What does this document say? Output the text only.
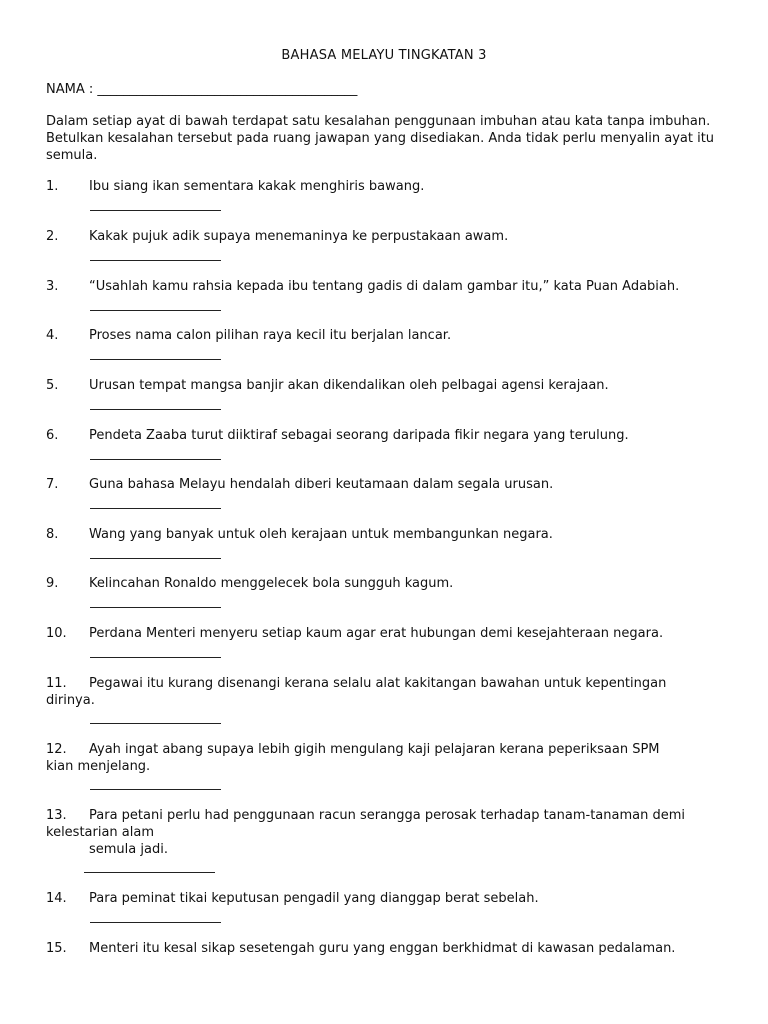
BAHASA MELAYU TINGKATAN 3
NAMA : ________________________________________
Dalam setiap ayat di bawah terdapat satu kesalahan penggunaan imbuhan atau kata tanpa imbuhan. Betulkan kesalahan tersebut pada ruang jawapan yang disediakan. Anda tidak perlu menyalin ayat itu semula.
1. Ibu siang ikan sementara kakak menghiris bawang.
2. Kakak pujuk adik supaya menemaninya ke perpustakaan awam.
3. “Usahlah kamu rahsia kepada ibu tentang gadis di dalam gambar itu,” kata Puan Adabiah.
4. Proses nama calon pilihan raya kecil itu berjalan lancar.
5. Urusan tempat mangsa banjir akan dikendalikan oleh pelbagai agensi kerajaan.
6. Pendeta Zaaba turut diiktiraf sebagai seorang daripada fikir negara yang terulung.
7. Guna bahasa Melayu hendalah diberi keutamaan dalam segala urusan.
8. Wang yang banyak untuk oleh kerajaan untuk membangunkan negara.
9. Kelincahan Ronaldo menggelecek bola sungguh kagum.
10. Perdana Menteri menyeru setiap kaum agar erat hubungan demi kesejahteraan negara.
11. Pegawai itu kurang disenangi kerana selalu alat kakitangan bawahan untuk kepentingan
dirinya.
12. Ayah ingat abang supaya lebih gigih mengulang kaji pelajaran kerana peperiksaan SPM
kian menjelang.
13. Para petani perlu had penggunaan racun serangga perosak terhadap tanam-tanaman demi
kelestarian alam
semula jadi.
14. Para peminat tikai keputusan pengadil yang dianggap berat sebelah.
15. Menteri itu kesal sikap sesetengah guru yang enggan berkhidmat di kawasan pedalaman.
